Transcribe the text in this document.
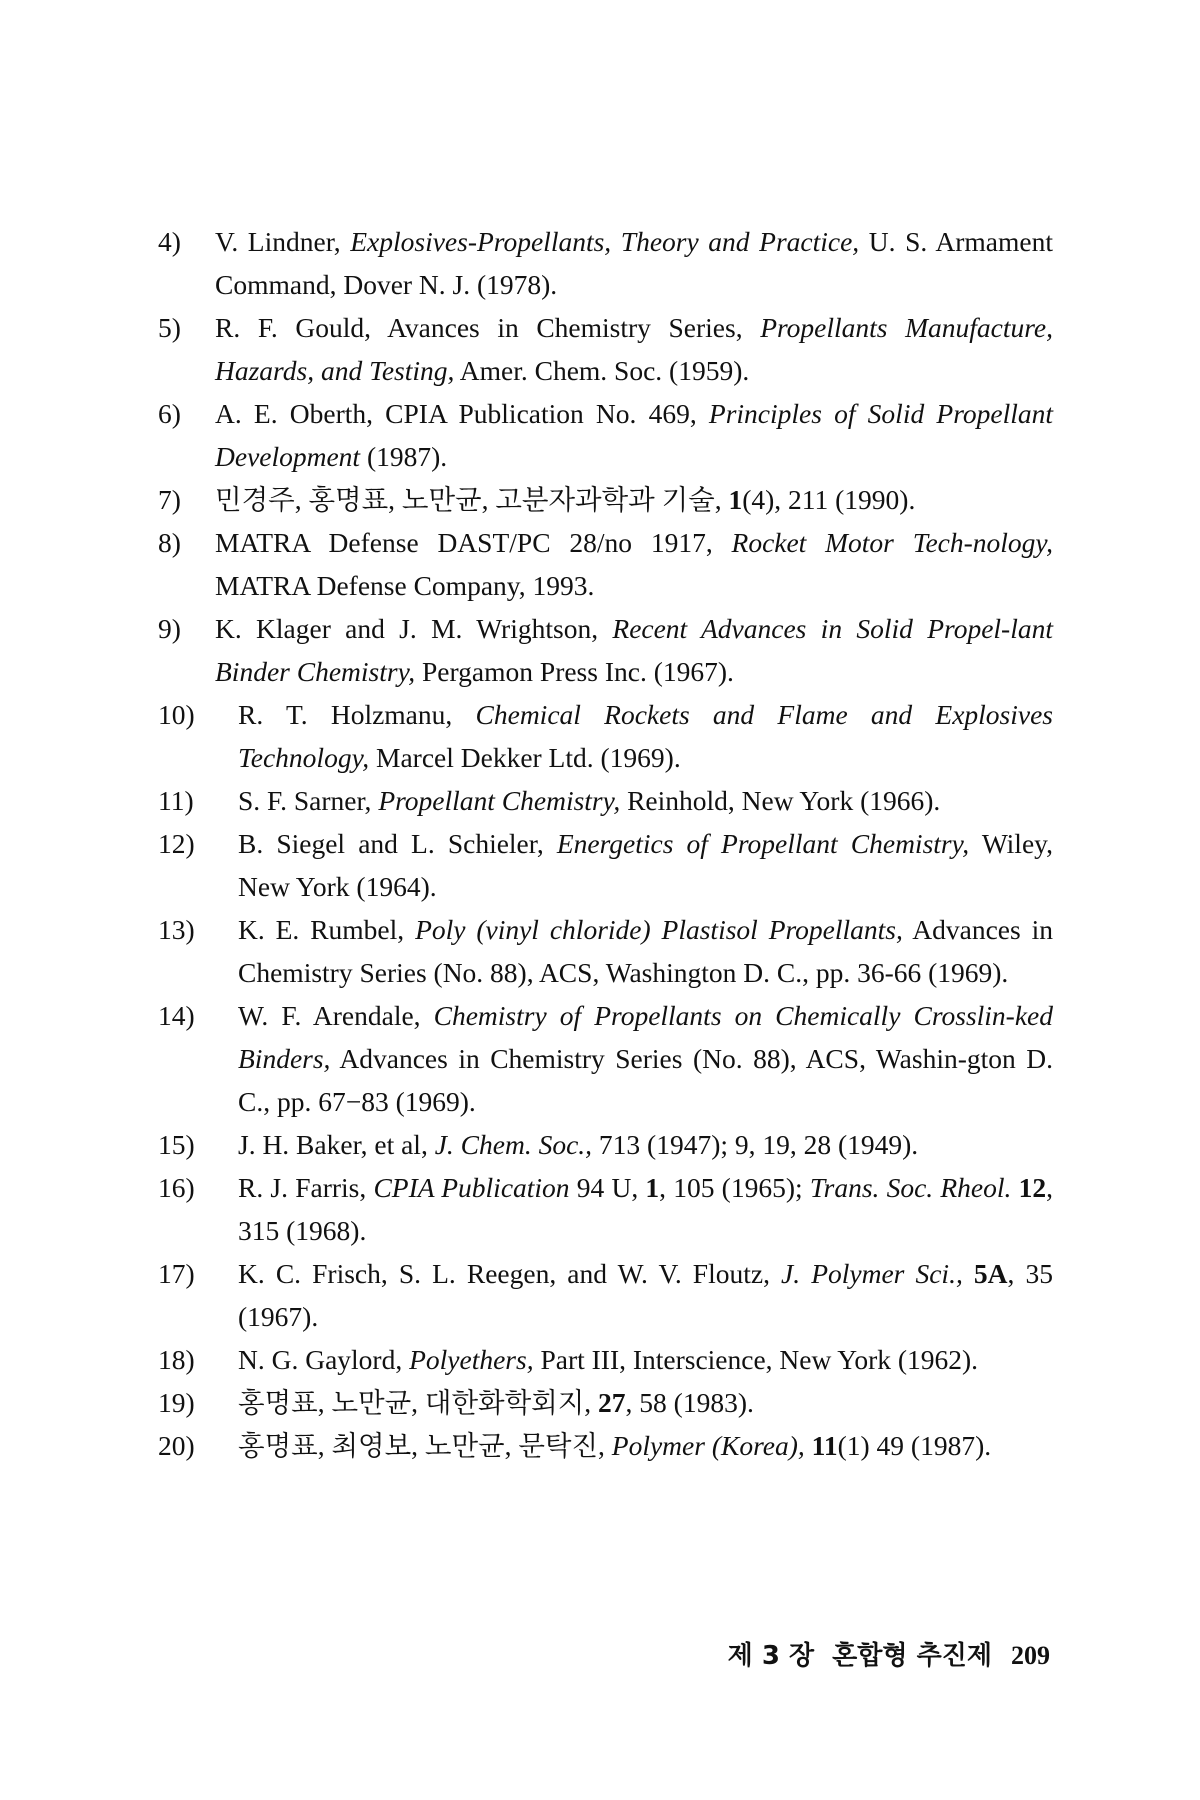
4) V. Lindner, Explosives-Propellants, Theory and Practice, U. S. Armament Command, Dover N. J. (1978).
5) R. F. Gould, Avances in Chemistry Series, Propellants Manufacture, Hazards, and Testing, Amer. Chem. Soc. (1959).
6) A. E. Oberth, CPIA Publication No. 469, Principles of Solid Propellant Development (1987).
7) 민경주, 홍명표, 노만균, 고분자과학과 기술, 1(4), 211 (1990).
8) MATRA Defense DAST/PC 28/no 1917, Rocket Motor Tech-nology, MATRA Defense Company, 1993.
9) K. Klager and J. M. Wrightson, Recent Advances in Solid Propel-lant Binder Chemistry, Pergamon Press Inc. (1967).
10) R. T. Holzmanu, Chemical Rockets and Flame and Explosives Technology, Marcel Dekker Ltd. (1969).
11) S. F. Sarner, Propellant Chemistry, Reinhold, New York (1966).
12) B. Siegel and L. Schieler, Energetics of Propellant Chemistry, Wiley, New York (1964).
13) K. E. Rumbel, Poly (vinyl chloride) Plastisol Propellants, Advances in Chemistry Series (No. 88), ACS, Washington D. C., pp. 36-66 (1969).
14) W. F. Arendale, Chemistry of Propellants on Chemically Crosslin-ked Binders, Advances in Chemistry Series (No. 88), ACS, Washin-gton D. C., pp. 67−83 (1969).
15) J. H. Baker, et al, J. Chem. Soc., 713 (1947); 9, 19, 28 (1949).
16) R. J. Farris, CPIA Publication 94 U, 1, 105 (1965); Trans. Soc. Rheol. 12, 315 (1968).
17) K. C. Frisch, S. L. Reegen, and W. V. Floutz, J. Polymer Sci., 5A, 35 (1967).
18) N. G. Gaylord, Polyethers, Part III, Interscience, New York (1962).
19) 홍명표, 노만균, 대한화학회지, 27, 58 (1983).
20) 홍명표, 최영보, 노만균, 문탁진, Polymer (Korea), 11(1) 49 (1987).
제 3 장  혼합형 추진제 209
